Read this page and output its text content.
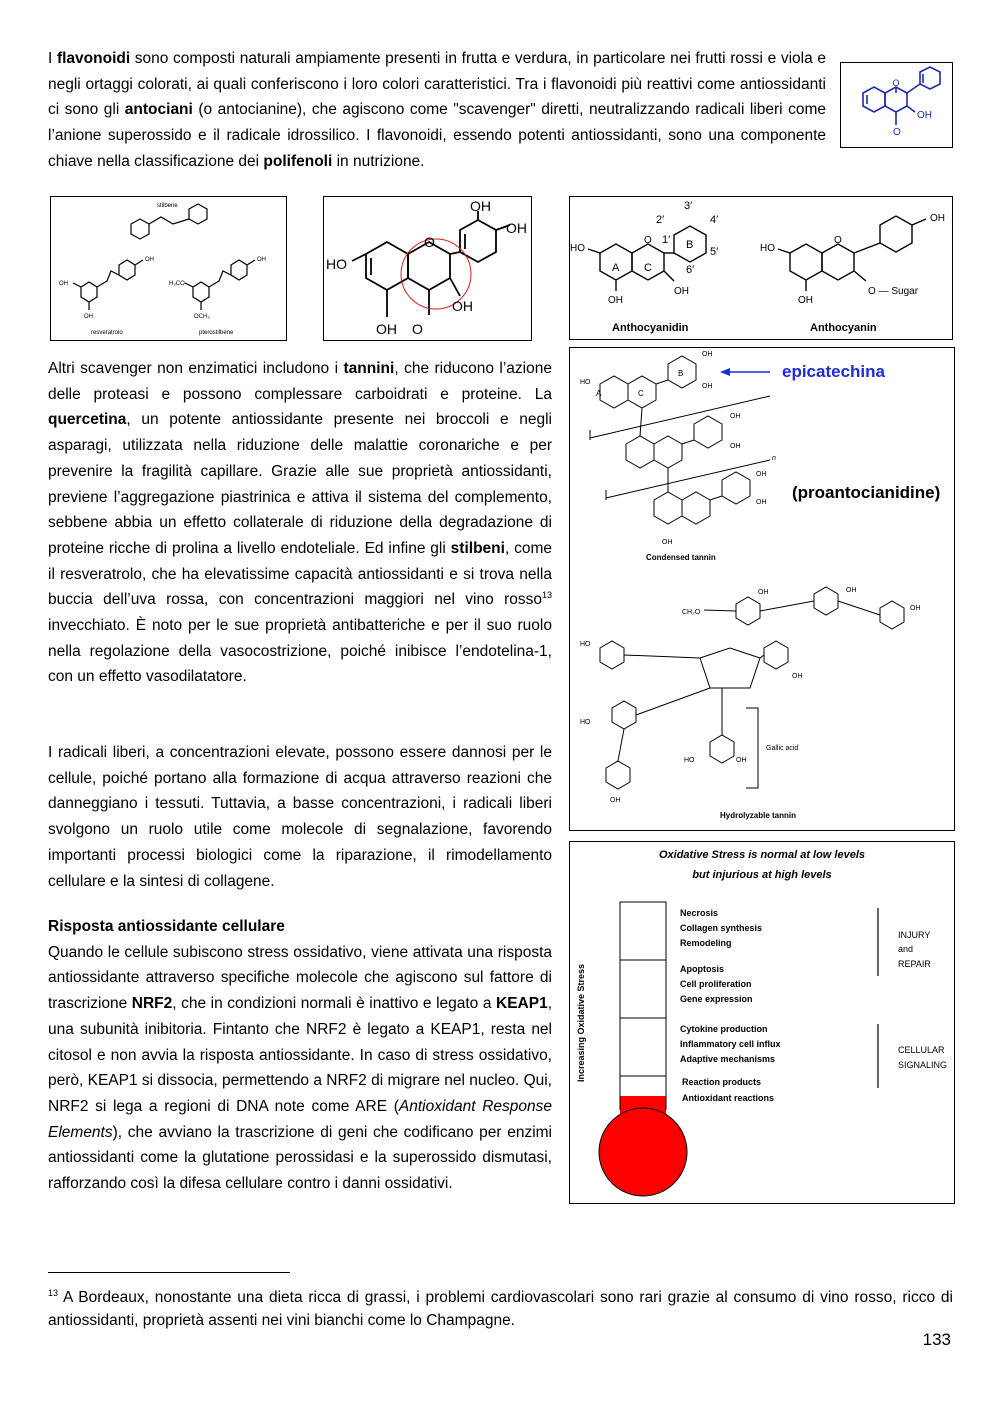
I flavonoidi sono composti naturali ampiamente presenti in frutta e verdura, in particolare nei frutti rossi e viola e negli ortaggi colorati, ai quali conferiscono i loro colori caratteristici. Tra i flavonoidi più reattivi come antiossidanti ci sono gli antociani (o antocianine), che agiscono come "scavenger" diretti, neutralizzando radicali liberi come l’anione superossido e il radicale idrossilico. I flavonoidi, essendo potenti antiossidanti, sono una componente chiave nella classificazione dei polifenoli in nutrizione.

O
OH
O
stilbene
OH
OH
OH
OH
H₃CO
OCH₃
resveratrolo	pterostilbene
O
OH
OH
HO
OH
OH O
3′
2′	4′
1′
5′
6′
B
A C
O
HO
OH
OH
O
HO
OH
O — Sugar
OH
Anthocyanidin	Anthocyanin

Altri scavenger non enzimatici includono i tannini, che riducono l’azione delle proteasi e possono complessare carboidrati e proteine. La quercetina, un potente antiossidante presente nei broccoli e negli asparagi, utilizzata nella riduzione delle malattie coronariche e per prevenire la fragilità capillare. Grazie alle sue proprietà antiossidanti, previene l’aggregazione piastrinica e attiva il sistema del complemento, sebbene abbia un effetto collaterale di riduzione della degradazione di proteine ricche di prolina a livello endoteliale. Ed infine gli stilbeni, come il resveratrolo, che ha elevatissime capacità antiossidanti e si trova nella buccia dell’uva rossa, con concentrazioni maggiori nel vino rosso$^{13}$ invecchiato. È noto per le sue proprietà antibatteriche e per il suo ruolo nella regolazione della vasocostrizione, poiché inibisce l’endotelina-1, con un effetto vasodilatatore.

A	C
B
HO
OH
OH
OH
OH
OH
OH
OH
n
epicatechina
(proantocianidine)
Condensed tannin
CH₂O
HO
OH	OH
OH
OH
HO
HO	OH
OH
Gallic acid
Hydrolyzable tannin

I radicali liberi, a concentrazioni elevate, possono essere dannosi per le cellule, poiché portano alla formazione di acqua attraverso reazioni che danneggiano i tessuti. Tuttavia, a basse concentrazioni, i radicali liberi svolgono un ruolo utile come molecole di segnalazione, favorendo importanti processi biologici come la riparazione, il rimodellamento cellulare e la sintesi di collagene.

Risposta antiossidante cellulare

Quando le cellule subiscono stress ossidativo, viene attivata una risposta antiossidante attraverso specifiche molecole che agiscono sul fattore di trascrizione NRF2, che in condizioni normali è inattivo e legato a KEAP1, una subunità inibitoria. Fintanto che NRF2 è legato a KEAP1, resta nel citosol e non avvia la risposta antiossidante. In caso di stress ossidativo, però, KEAP1 si dissocia, permettendo a NRF2 di migrare nel nucleo. Qui, NRF2 si lega a regioni di DNA note come ARE (Antioxidant Response Elements), che avviano la trascrizione di geni che codificano per enzimi antiossidanti come la glutatione perossidasi e la superossido dismutasi, rafforzando così la difesa cellulare contro i danni ossidativi.

Oxidative Stress is normal at low levels
but injurious at high levels
Increasing Oxidative Stress
Necrosis
Collagen synthesis
Remodeling
Apoptosis
Cell proliferation
Gene expression
Cytokine production
Inflammatory cell influx
Adaptive mechanisms
Reaction products
Antioxidant reactions
INJURY
and
REPAIR
CELLULAR
SIGNALING
$^{13}$ A Bordeaux, nonostante una dieta ricca di grassi, i problemi cardiovascolari sono rari grazie al consumo di vino rosso, ricco di antiossidanti, proprietà assenti nei vini bianchi come lo Champagne.
133
